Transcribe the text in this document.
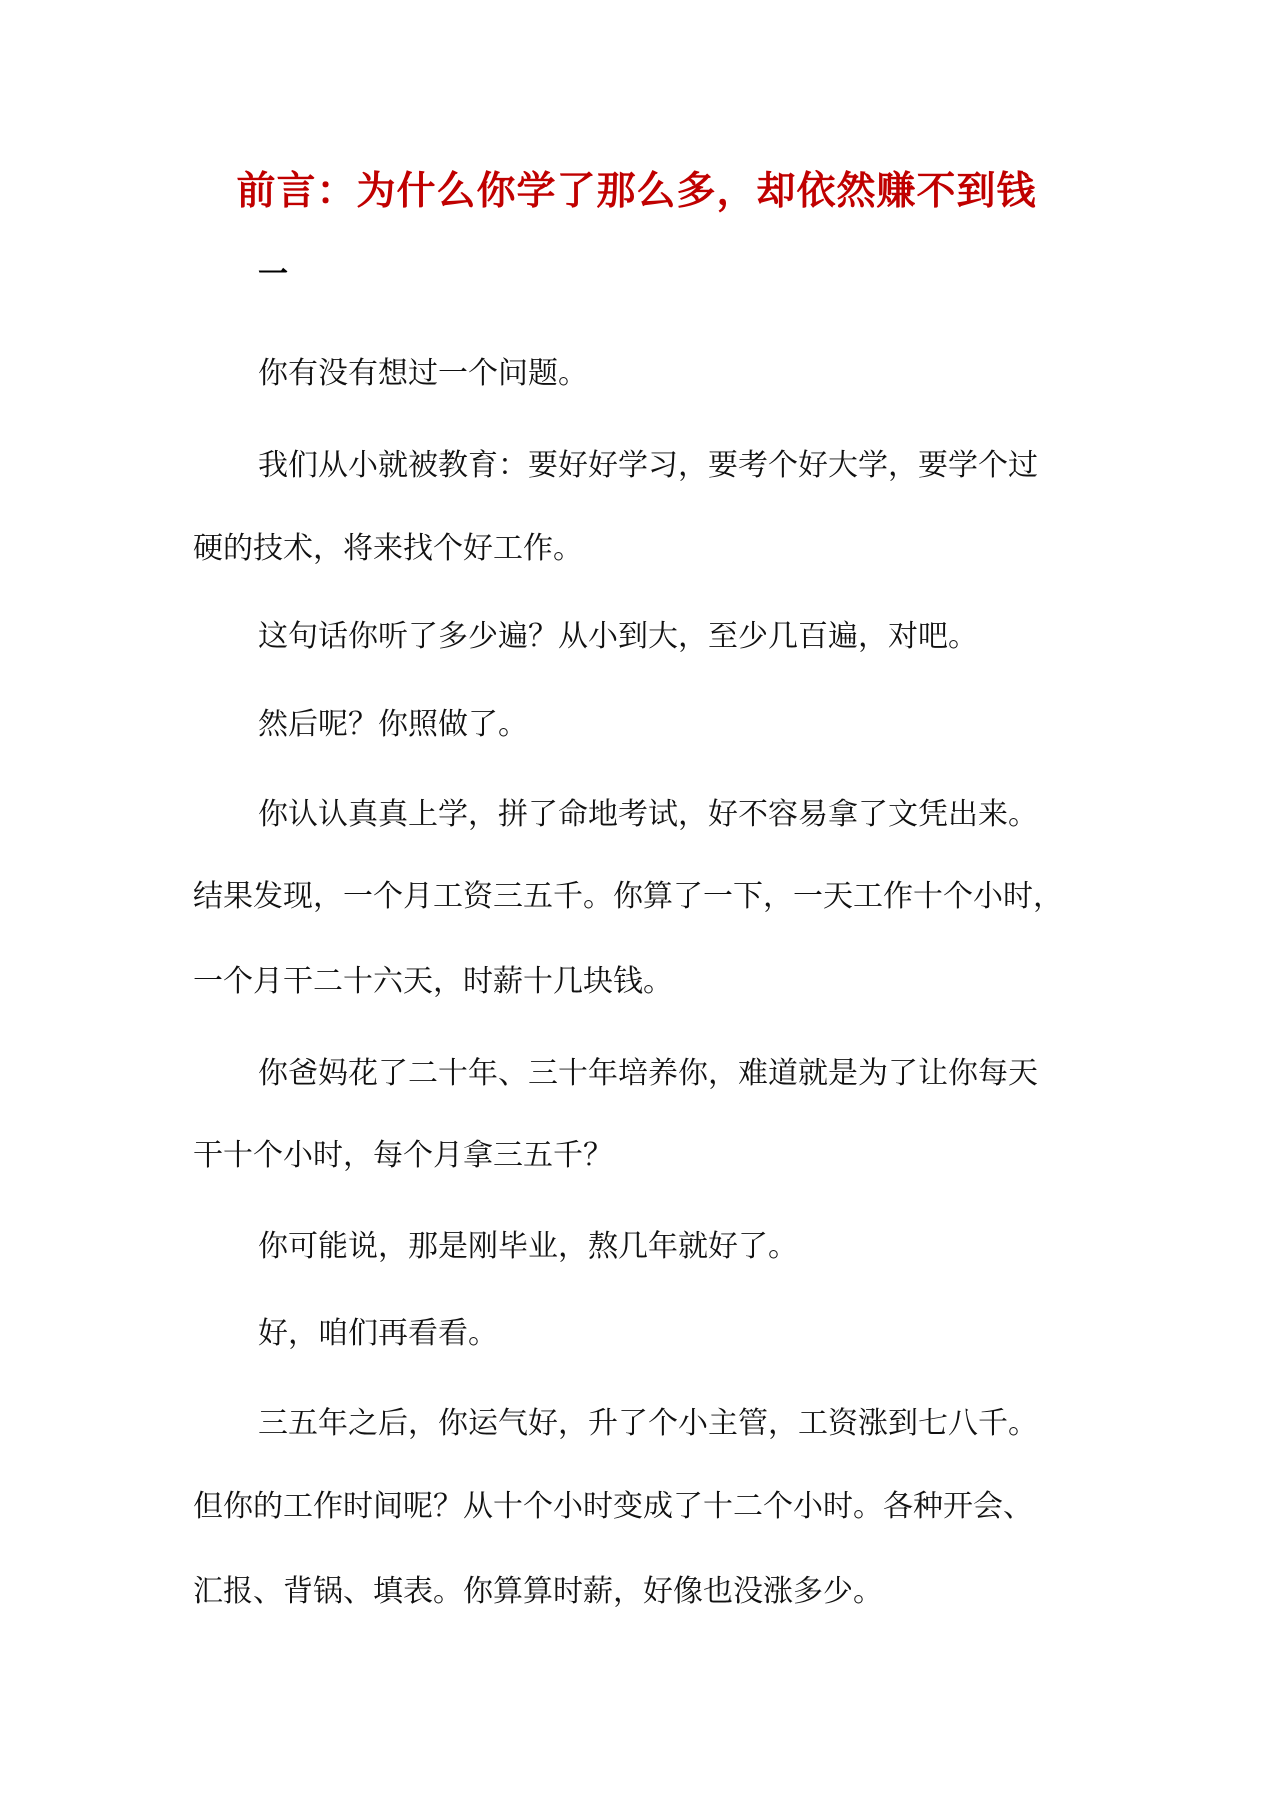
前言：为什么你学了那么多，却依然赚不到钱
一
你有没有想过一个问题。
我们从小就被教育：要好好学习，要考个好大学，要学个过
硬的技术，将来找个好工作。
这句话你听了多少遍？从小到大，至少几百遍，对吧。
然后呢？你照做了。
你认认真真上学，拼了命地考试，好不容易拿了文凭出来。
结果发现，一个月工资三五千。你算了一下，一天工作十个小时，
一个月干二十六天，时薪十几块钱。
你爸妈花了二十年、三十年培养你，难道就是为了让你每天
干十个小时，每个月拿三五千？
你可能说，那是刚毕业，熬几年就好了。
好，咱们再看看。
三五年之后，你运气好，升了个小主管，工资涨到七八千。
但你的工作时间呢？从十个小时变成了十二个小时。各种开会、
汇报、背锅、填表。你算算时薪，好像也没涨多少。
